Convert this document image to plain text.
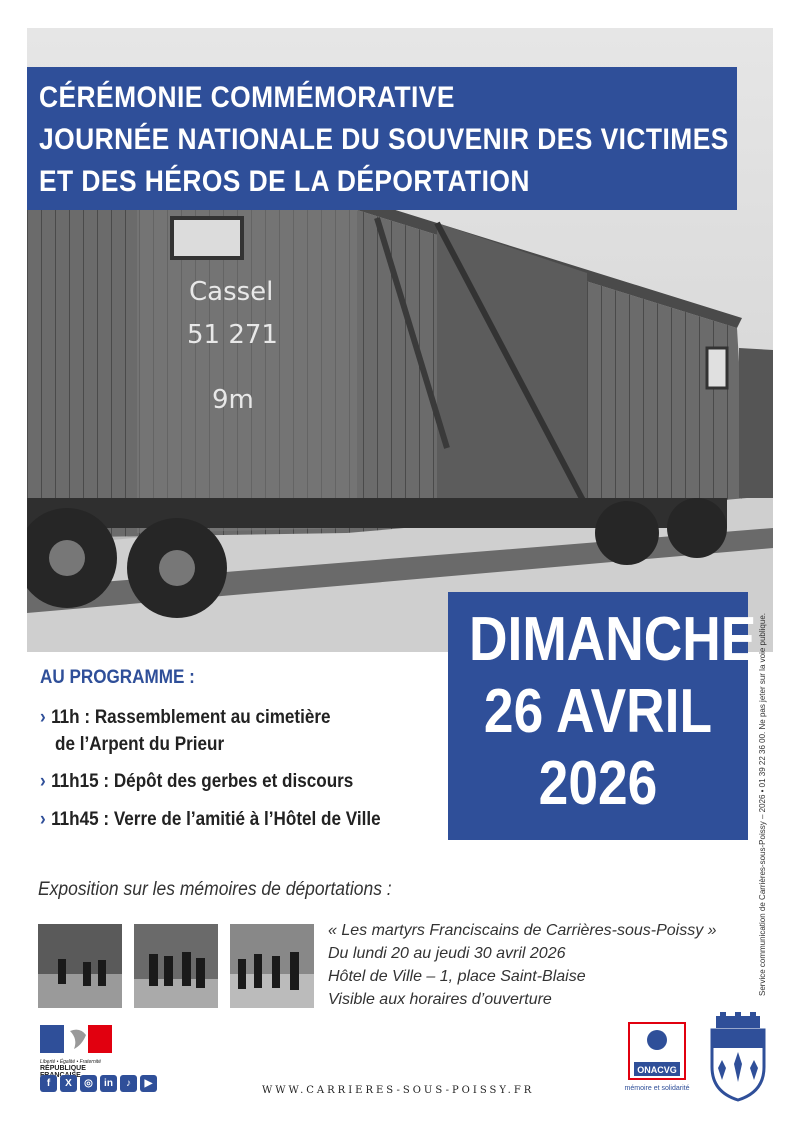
Cassel
51 271
9m
CÉRÉMONIE COMMÉMORATIVE
JOURNÉE NATIONALE DU SOUVENIR DES VICTIMES
ET DES HÉROS DE LA DÉPORTATION
DIMANCHE
26 AVRIL
2026
AU PROGRAMME :
› 11h : Rassemblement au cimetière
de l’Arpent du Prieur
› 11h15 : Dépôt des gerbes et discours
› 11h45 : Verre de l’amitié à l’Hôtel de Ville
Exposition sur les mémoires de déportations :
« Les martyrs Franciscains de Carrières-sous-Poissy »
Du lundi 20 au jeudi 30 avril 2026
Hôtel de Ville – 1, place Saint-Blaise
Visible aux horaires d’ouverture
Service communication de Carrières-sous-Poissy – 2026 • 01 39 22 36 00. Ne pas jeter sur la voie publique.
Liberté • Égalité • Fraternité
RÉPUBLIQUE
f	X	◎	in	♪	▶
WWW.CARRIERES-SOUS-POISSY.FR
ONACVG
mémoire et solidarité
